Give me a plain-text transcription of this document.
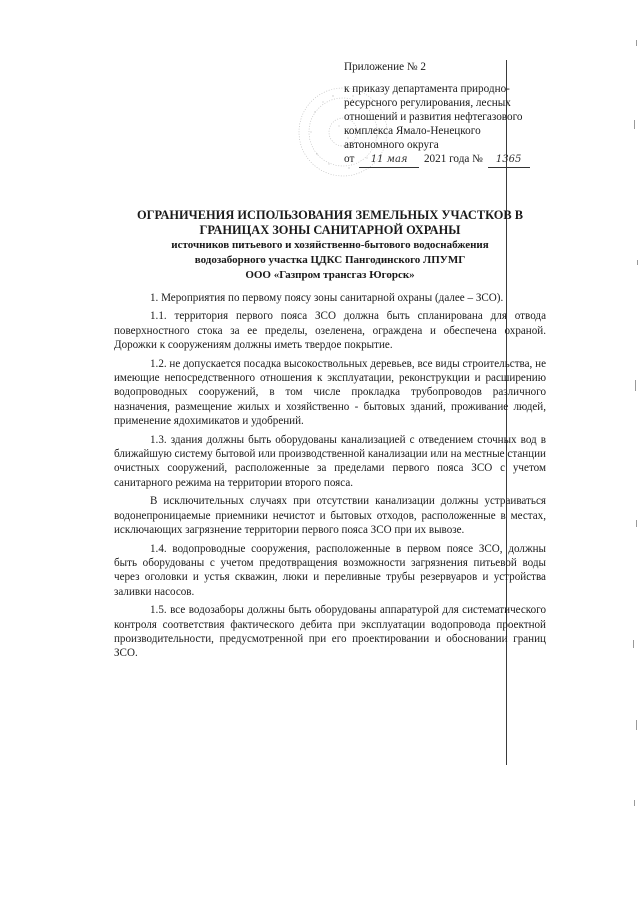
Приложение № 2

к приказу департамента природно-

ресурсного регулирования, лесных

отношений и развития нефтегазового

комплекса Ямало-Ненецкого

автономного округа

от 11 мая 2021 года № 1365

ОГРАНИЧЕНИЯ ИСПОЛЬЗОВАНИЯ ЗЕМЕЛЬНЫХ УЧАСТКОВ В

ГРАНИЦАХ ЗОНЫ САНИТАРНОЙ ОХРАНЫ

источников питьевого и хозяйственно-бытового водоснабжения

водозаборного участка ЦДКС Пангодинского ЛПУМГ

ООО «Газпром трансгаз Югорск»

1. Мероприятия по первому поясу зоны санитарной охраны (далее – ЗСО).

1.1. территория первого пояса ЗСО должна быть спланирована для отвода поверхностного стока за ее пределы, озеленена, ограждена и обеспечена охраной. Дорожки к сооружениям должны иметь твердое покрытие.

1.2. не допускается посадка высокоствольных деревьев, все виды строительства, не имеющие непосредственного отношения к эксплуатации, реконструкции и расширению водопроводных сооружений, в том числе прокладка трубопроводов различного назначения, размещение жилых и хозяйственно - бытовых зданий, проживание людей, применение ядохимикатов и удобрений.

1.3. здания должны быть оборудованы канализацией с отведением сточных вод в ближайшую систему бытовой или производственной канализации или на местные станции очистных сооружений, расположенные за пределами первого пояса ЗСО с учетом санитарного режима на территории второго пояса.

В исключительных случаях при отсутствии канализации должны устраиваться водонепроницаемые приемники нечистот и бытовых отходов, расположенные в местах, исключающих загрязнение территории первого пояса ЗСО при их вывозе.

1.4. водопроводные сооружения, расположенные в первом поясе ЗСО, должны быть оборудованы с учетом предотвращения возможности загрязнения питьевой воды через оголовки и устья скважин, люки и переливные трубы резервуаров и устройства заливки насосов.

1.5. все водозаборы должны быть оборудованы аппаратурой для систематического контроля соответствия фактического дебита при эксплуатации водопровода проектной производительности, предусмотренной при его проектировании и обосновании границ ЗСО.
